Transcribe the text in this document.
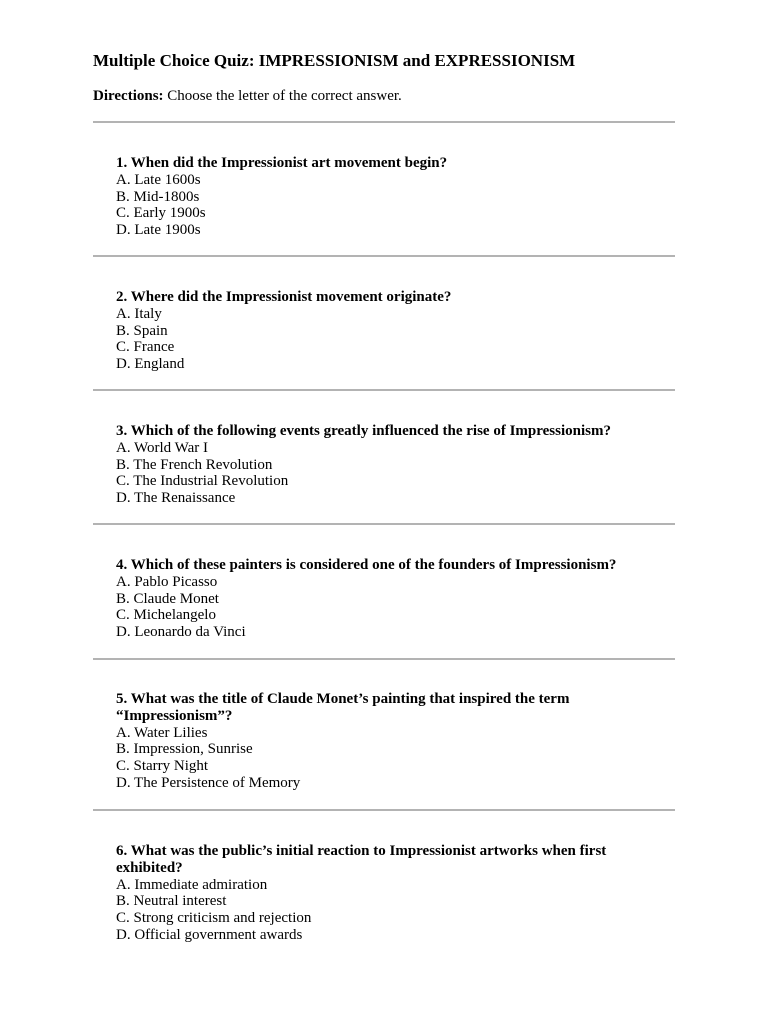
Multiple Choice Quiz: IMPRESSIONISM and EXPRESSIONISM
Directions: Choose the letter of the correct answer.

1. When did the Impressionist art movement begin?

A. Late 1600s
B. Mid-1800s
C. Early 1900s
D. Late 1900s

2. Where did the Impressionist movement originate?

A. Italy
B. Spain
C. France
D. England

3. Which of the following events greatly influenced the rise of Impressionism?

A. World War I
B. The French Revolution
C. The Industrial Revolution
D. The Renaissance

4. Which of these painters is considered one of the founders of Impressionism?

A. Pablo Picasso
B. Claude Monet
C. Michelangelo
D. Leonardo da Vinci

5. What was the title of Claude Monet’s painting that inspired the term “Impressionism”?

A. Water Lilies
B. Impression, Sunrise
C. Starry Night
D. The Persistence of Memory

6. What was the public’s initial reaction to Impressionist artworks when first exhibited?

A. Immediate admiration
B. Neutral interest
C. Strong criticism and rejection
D. Official government awards
